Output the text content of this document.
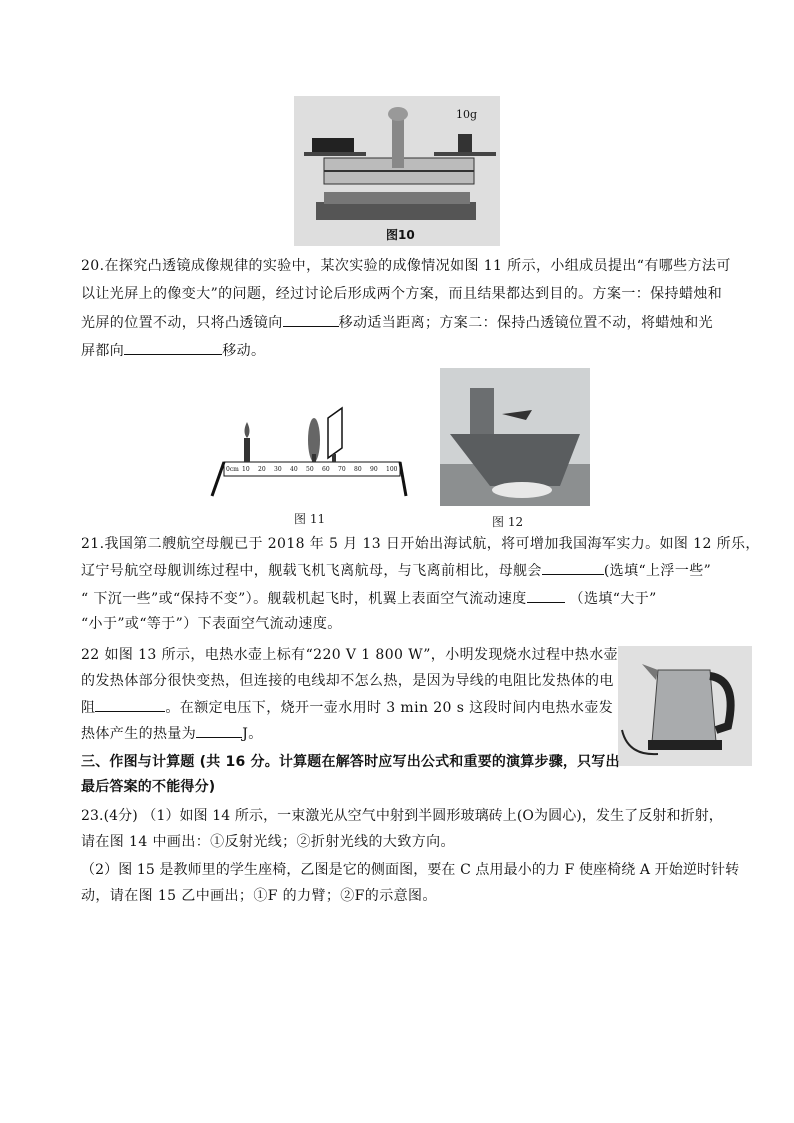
10g
图10
20.在探究凸透镜成像规律的实验中，某次实验的成像情况如图 11 所示，小组成员提出“有哪些方法可
以让光屏上的像变大”的问题，经过讨论后形成两个方案，而且结果都达到目的。方案一：保持蜡烛和
光屏的位置不动，只将凸透镜向	移动适当距离；方案二：保持凸透镜位置不动，将蜡烛和光
屏都向	移动。
0cm 10 20 30 40 50 60 70 80 90 100
图 11	图 12
21.我国第二艘航空母舰已于 2018 年 5 月 13 日开始出海试航，将可增加我国海军实力。如图 12 所乐，
辽宁号航空母舰训练过程中，舰载飞机飞离航母，与飞离前相比，母舰会	(选填“上浮一些”
“ 下沉一些”或“保持不变”）。舰载机起飞时，机翼上表面空气流动速度	（选填“大于”
“小于”或“等于”）下表面空气流动速度。
22 如图 13 所示，电热水壶上标有“220 V 1 800 W”，小明发现烧水过程中热水壶
的发热体部分很快变热，但连接的电线却不怎么热，是因为导线的电阻比发热体的电
阻	。在额定电压下，烧开一壶水用时 3 min 20 s 这段时间内电热水壶发
热体产生的热量为	J。
三、作图与计算题 (共 16 分。计算题在解答时应写出公式和重要的演算步骤，只写出
最后答案的不能得分)
23.(4分) （1）如图 14 所示，一束激光从空气中射到半圆形玻璃砖上(O为圆心)，发生了反射和折射，
请在图 14 中画出：①反射光线；②折射光线的大致方向。
（2）图 15 是教师里的学生座椅，乙图是它的侧面图，要在 C 点用最小的力 F 使座椅绕 A 开始逆时针转
动，请在图 15 乙中画出；①F 的力臂；②F的示意图。
